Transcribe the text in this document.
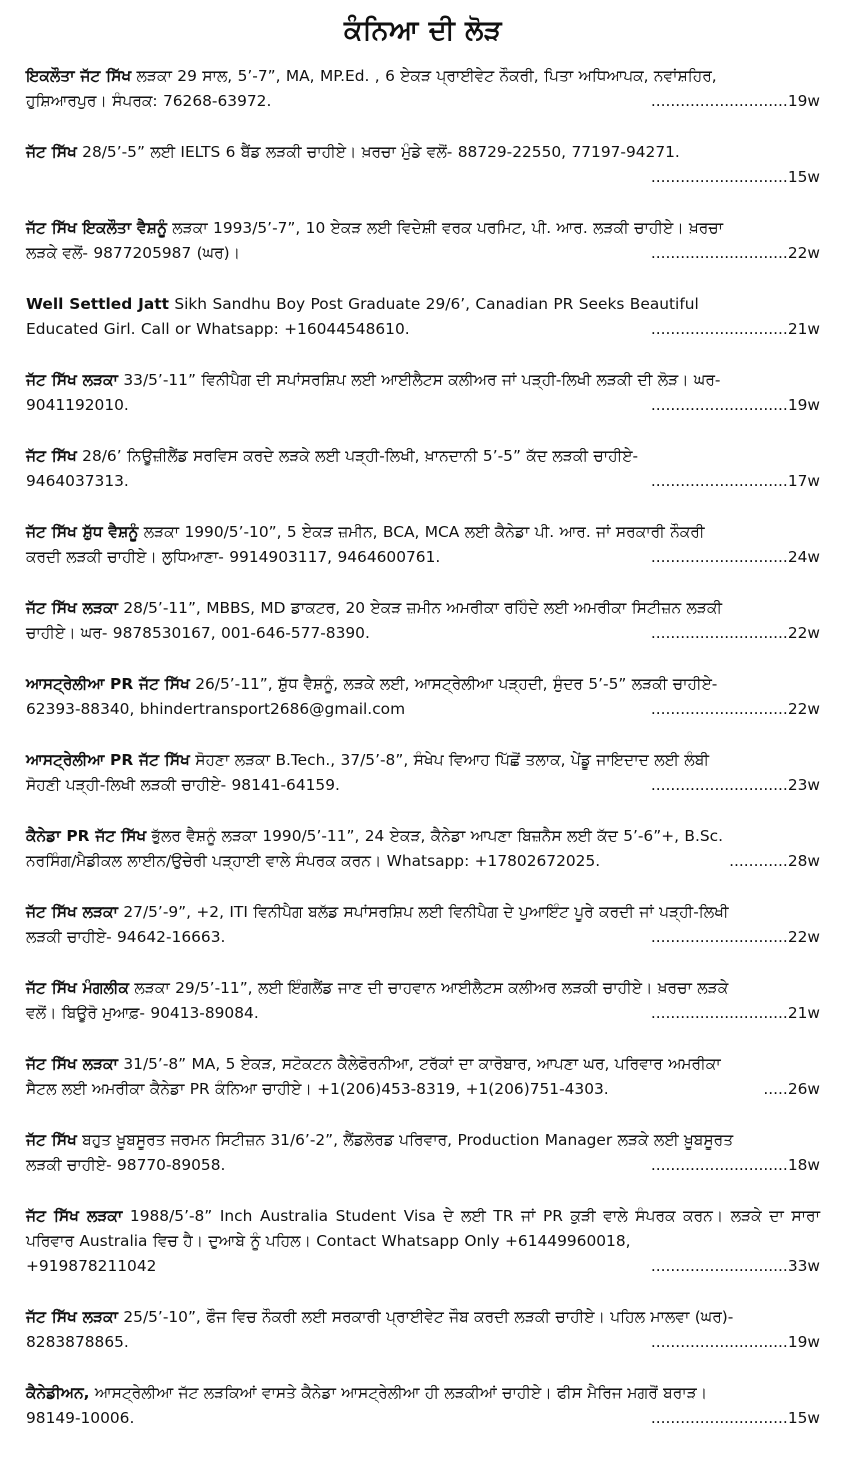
ਕੰਨਿਆ ਦੀ ਲੋੜ
ਇਕਲੌਤਾ ਜੱਟ ਸਿੱਖ ਲੜਕਾ 29 ਸਾਲ, 5’-7”, MA, MP.Ed. , 6 ਏਕੜ ਪ੍ਰਾਈਵੇਟ ਨੌਕਰੀ, ਪਿਤਾ ਅਧਿਆਪਕ, ਨਵਾਂਸ਼ਹਿਰ,
ਹੁਸ਼ਿਆਰਪੁਰ। ਸੰਪਰਕ: 76268-63972.	............................ 19w
ਜੱਟ ਸਿੱਖ 28/5’-5” ਲਈ IELTS 6 ਬੈਂਡ ਲੜਕੀ ਚਾਹੀਏ। ਖ਼ਰਚਾ ਮੁੰਡੇ ਵਲੋਂ- 88729-22550, 77197-94271.
............................ 15w
ਜੱਟ ਸਿੱਖ ਇਕਲੌਤਾ ਵੈਸ਼ਨੂੰ ਲੜਕਾ 1993/5’-7”, 10 ਏਕੜ ਲਈ ਵਿਦੇਸ਼ੀ ਵਰਕ ਪਰਮਿਟ, ਪੀ. ਆਰ. ਲੜਕੀ ਚਾਹੀਏ। ਖ਼ਰਚਾ
ਲੜਕੇ ਵਲੋਂ- 9877205987 (ਘਰ)।	............................ 22w
Well Settled Jatt Sikh Sandhu Boy Post Graduate 29/6’, Canadian PR Seeks Beautiful
Educated Girl. Call or Whatsapp: +16044548610.	............................ 21w
ਜੱਟ ਸਿੱਖ ਲੜਕਾ 33/5’-11” ਵਿਨੀਪੈਗ ਦੀ ਸਪਾਂਸਰਸ਼ਿਪ ਲਈ ਆਈਲੈਟਸ ਕਲੀਅਰ ਜਾਂ ਪੜ੍ਹੀ-ਲਿਖੀ ਲੜਕੀ ਦੀ ਲੋੜ। ਘਰ-
9041192010.	............................ 19w
ਜੱਟ ਸਿੱਖ 28/6’ ਨਿਊਜ਼ੀਲੈਂਡ ਸਰਵਿਸ ਕਰਦੇ ਲੜਕੇ ਲਈ ਪੜ੍ਹੀ-ਲਿਖੀ, ਖ਼ਾਨਦਾਨੀ 5’-5” ਕੱਦ ਲੜਕੀ ਚਾਹੀਏ-
9464037313.	............................ 17w
ਜੱਟ ਸਿੱਖ ਸ਼ੁੱਧ ਵੈਸ਼ਨੂੰ ਲੜਕਾ 1990/5’-10”, 5 ਏਕੜ ਜ਼ਮੀਨ, BCA, MCA ਲਈ ਕੈਨੇਡਾ ਪੀ. ਆਰ. ਜਾਂ ਸਰਕਾਰੀ ਨੌਕਰੀ
ਕਰਦੀ ਲੜਕੀ ਚਾਹੀਏ। ਲੁਧਿਆਣਾ- 9914903117, 9464600761.	............................ 24w
ਜੱਟ ਸਿੱਖ ਲੜਕਾ 28/5’-11”, MBBS, MD ਡਾਕਟਰ, 20 ਏਕੜ ਜ਼ਮੀਨ ਅਮਰੀਕਾ ਰਹਿੰਦੇ ਲਈ ਅਮਰੀਕਾ ਸਿਟੀਜ਼ਨ ਲੜਕੀ
ਚਾਹੀਏ। ਘਰ- 9878530167, 001-646-577-8390.	............................ 22w
ਆਸਟ੍ਰੇਲੀਆ PR ਜੱਟ ਸਿੱਖ 26/5’-11”, ਸ਼ੁੱਧ ਵੈਸ਼ਨੂੰ, ਲੜਕੇ ਲਈ, ਆਸਟ੍ਰੇਲੀਆ ਪੜ੍ਹਦੀ, ਸੁੰਦਰ 5’-5” ਲੜਕੀ ਚਾਹੀਏ-
62393-88340, bhindertransport2686@gmail.com	............................ 22w
ਆਸਟ੍ਰੇਲੀਆ PR ਜੱਟ ਸਿੱਖ ਸੋਹਣਾ ਲੜਕਾ B.Tech., 37/5’-8”, ਸੰਖੇਪ ਵਿਆਹ ਪਿੱਛੋਂ ਤਲਾਕ, ਪੇਂਡੂ ਜਾਇਦਾਦ ਲਈ ਲੰਬੀ
ਸੋਹਣੀ ਪੜ੍ਹੀ-ਲਿਖੀ ਲੜਕੀ ਚਾਹੀਏ- 98141-64159.	............................ 23w
ਕੈਨੇਡਾ PR ਜੱਟ ਸਿੱਖ ਭੁੱਲਰ ਵੈਸ਼ਨੂੰ ਲੜਕਾ 1990/5’-11”, 24 ਏਕੜ, ਕੈਨੇਡਾ ਆਪਣਾ ਬਿਜ਼ਨੈਸ ਲਈ ਕੱਦ 5’-6”+, B.Sc.
ਨਰਸਿੰਗ/ਮੈਡੀਕਲ ਲਾਈਨ/ਉਚੇਰੀ ਪੜ੍ਹਾਈ ਵਾਲੇ ਸੰਪਰਕ ਕਰਨ। Whatsapp: +17802672025.	............ 28w
ਜੱਟ ਸਿੱਖ ਲੜਕਾ 27/5’-9”, +2, ITI ਵਿਨੀਪੈਗ ਬਲੱਡ ਸਪਾਂਸਰਸ਼ਿਪ ਲਈ ਵਿਨੀਪੈਗ ਦੇ ਪੁਆਇੰਟ ਪੂਰੇ ਕਰਦੀ ਜਾਂ ਪੜ੍ਹੀ-ਲਿਖੀ
ਲੜਕੀ ਚਾਹੀਏ- 94642-16663.	............................ 22w
ਜੱਟ ਸਿੱਖ ਮੰਗਲੀਕ ਲੜਕਾ 29/5’-11”, ਲਈ ਇੰਗਲੈਂਡ ਜਾਣ ਦੀ ਚਾਹਵਾਨ ਆਈਲੈਟਸ ਕਲੀਅਰ ਲੜਕੀ ਚਾਹੀਏ। ਖ਼ਰਚਾ ਲੜਕੇ
ਵਲੋਂ। ਬਿਊਰੋ ਮੁਆਫ਼- 90413-89084.	............................ 21w
ਜੱਟ ਸਿੱਖ ਲੜਕਾ 31/5’-8” MA, 5 ਏਕੜ, ਸਟੋਕਟਨ ਕੈਲੇਫੋਰਨੀਆ, ਟਰੱਕਾਂ ਦਾ ਕਾਰੋਬਾਰ, ਆਪਣਾ ਘਰ, ਪਰਿਵਾਰ ਅਮਰੀਕਾ
ਸੈਟਲ ਲਈ ਅਮਰੀਕਾ ਕੈਨੇਡਾ PR ਕੰਨਿਆ ਚਾਹੀਏ। +1(206)453-8319, +1(206)751-4303.	..... 26w
ਜੱਟ ਸਿੱਖ ਬਹੁਤ ਖ਼ੂਬਸੂਰਤ ਜਰਮਨ ਸਿਟੀਜ਼ਨ 31/6’-2”, ਲੈਂਡਲੋਰਡ ਪਰਿਵਾਰ, Production Manager ਲੜਕੇ ਲਈ ਖ਼ੂਬਸੂਰਤ
ਲੜਕੀ ਚਾਹੀਏ- 98770-89058.	............................ 18w
ਜੱਟ ਸਿੱਖ ਲੜਕਾ 1988/5’-8” Inch Australia Student Visa ਦੇ ਲਈ TR ਜਾਂ PR ਕੁੜੀ ਵਾਲੇ ਸੰਪਰਕ ਕਰਨ। ਲੜਕੇ ਦਾ ਸਾਰਾ ਪਰਿਵਾਰ Australia ਵਿਚ ਹੈ। ਦੁਆਬੇ ਨੂੰ ਪਹਿਲ। Contact Whatsapp Only +61449960018,
+919878211042	............................ 33w
ਜੱਟ ਸਿੱਖ ਲੜਕਾ 25/5’-10”, ਫੌਜ ਵਿਚ ਨੌਕਰੀ ਲਈ ਸਰਕਾਰੀ ਪ੍ਰਾਈਵੇਟ ਜੌਬ ਕਰਦੀ ਲੜਕੀ ਚਾਹੀਏ। ਪਹਿਲ ਮਾਲਵਾ (ਘਰ)-
8283878865.	............................ 19w
ਕੈਨੇਡੀਅਨ, ਆਸਟ੍ਰੇਲੀਆ ਜੱਟ ਲੜਕਿਆਂ ਵਾਸਤੇ ਕੈਨੇਡਾ ਆਸਟ੍ਰੇਲੀਆ ਹੀ ਲੜਕੀਆਂ ਚਾਹੀਏ। ਫੀਸ ਮੈਰਿਜ ਮਗਰੋਂ ਬਰਾੜ।
98149-10006.	............................ 15w
